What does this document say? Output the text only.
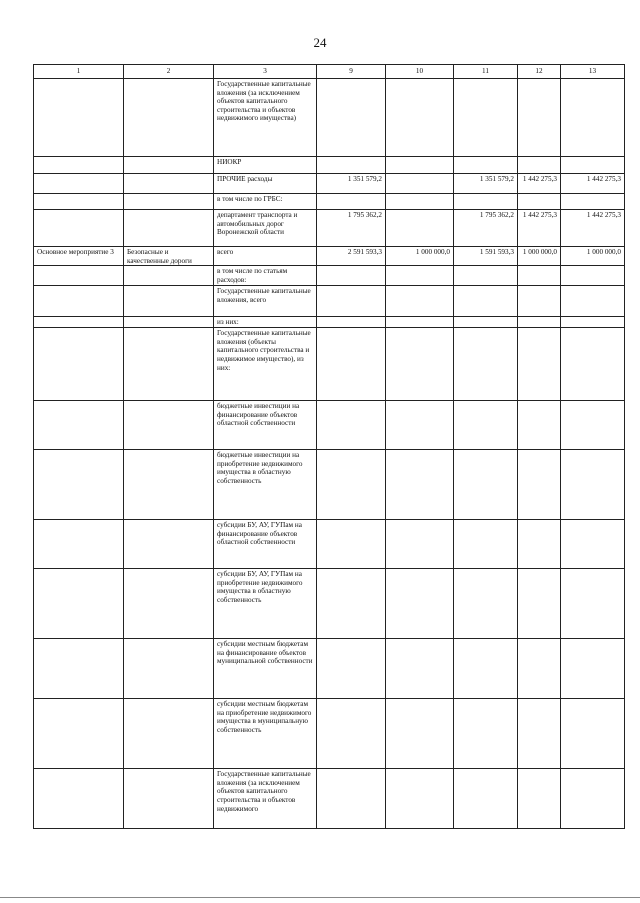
24
1	2	3	9	10	11	12	13
		Государственные капитальные вложения (за исключением объектов капитального строительства и объектов недвижимого имущества)					
		НИОКР					
		ПРОЧИЕ расходы	1 351 579,2		1 351 579,2	1 442 275,3	1 442 275,3
		в том числе по ГРБС:					
		департамент транспорта и автомобильных дорог Воронежской области	1 795 362,2		1 795 362,2	1 442 275,3	1 442 275,3
Основное мероприятие 3	Безопасные и качественные дороги	всего	2 591 593,3	1 000 000,0	1 591 593,3	1 000 000,0	1 000 000,0
		в том числе по статьям расходов:					
		Государственные капитальные вложения, всего					
		из них:					
		Государственные капитальные вложения (объекты капитального строительства и недвижимое имущество), из них:					
		бюджетные инвестиции на финансирование объектов областной собственности					
		бюджетные инвестиции на приобретение недвижимого имущества в областную собственность					
		субсидии БУ, АУ, ГУПам на финансирование объектов областной собственности					
		субсидии БУ, АУ, ГУПам на приобретение недвижимого имущества в областную собственность					
		субсидии местным бюджетам на финансирование объектов муниципальной собственности					
		субсидии местным бюджетам на приобретение недвижимого имущества в муниципальную собственность					
		Государственные капитальные вложения (за исключением объектов капитального строительства и объектов недвижимого					
